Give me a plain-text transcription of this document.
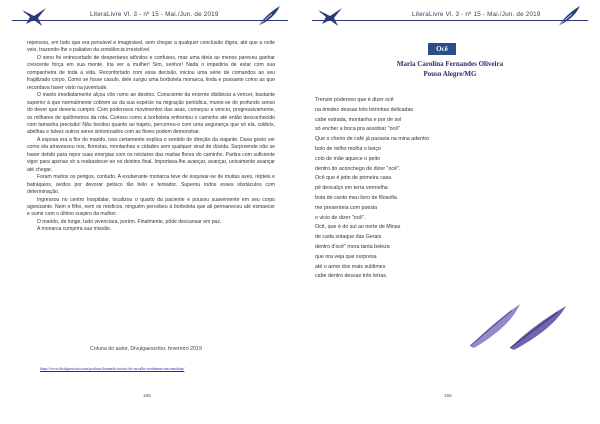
LiteraLivre Vl. 3 - nº 15 - Mai./Jun. de 2019

repensou, em tudo que era pensável e imaginável, sem chegar a qualquer conclusão digna, até que a noite veio, trazendo-lhe o paliativo da sonolência irresistível.

O sono foi entrecortado de despertares atônitos e confusos, mas uma ideia ao menos pareceu ganhar crescente força em sua mente. Iria ver a mulher! Sim, senhor! Nada o impediria de estar com sua companheira de toda a vida. Reconfortado com essa decisão, iniciou uma série de comandos ao seu fragilizado corpo. Como se fosse casulo, dele surgiu uma borboleta monarca, linda e possante como as que recordava haver visto na juventude.

O inseto imediatamente alçou vôo rumo ao destino. Consciente da enorme distância a vencer, bastante superior à que normalmente cobrem as da sua espécie na migração periódica, munio-se do profundo senso do dever que deveria cumprir. Com poderosos movimentos das asas, começou a vencer, progressivamente, os milhares de quilômetros da rota. Curioso como a borboleta enfrentou o caminho até então desconhecido com tamanha precisão! Não hesitou quanto ao trajeto, percorreu-o com uma segurança que só ela, colibris, abelhas e talvez outros seres sintonizados com as flores podem demonstrar.

A esposa era a flor do marido, isso certamente explica o sentido de direção da viajante. Dava gosto ver como ela atravessou rios, florestas, montanhas e cidades sem qualquer sinal de dúvida. Surpreende não se haver detido para repor suas energias com os néctares das muitas flores do caminho. Partira com suficiente vigor para apenas vir a reabastecer-se no destino final. Importava-lhe avançar, avançar, unicamente avançar até chegar.

Foram muitos os perigos, contudo. A exuberante monarca teve de esquivar-se de muitas aves, répteis e batráquios, ávidos por devorar petisco tão belo e tentador. Superou todos esses obstáculos com determinação.

Ingressou no centro hospitalar, localizou o quarto da paciente e pousou suavemente em seu corpo agonizante. Nem o filho, nem os médicos, ninguém percebeu à borboleta que ali permaneceu até esmaecer e sumir com o último suspiro da mulher.

O marido, de longe, tudo vivenciara, porém. Finalmente, pôde descansar em paz.

A monarca cumprira sua missão.

Coluna do autor, Divulgaescritor, fevereiro 2019
https://www.divulgaescritor.com/products/fernando-tacioto-de-carvalho-retalmente-uns-ensobuja/
165
LiteraLivre Vl. 3 - nº 15 - Mai./Jun. de 2019
Ocê
Maria Carolina Fernandes Oliveira
Pouso Alegre/MG
Trenzin poderoso que é dizer ocê
na timidez dessas três letrinhas delicadas
cabe estrada, montanha e por de sol
só encher a boca pra assobiar "ocê"
Que o cheiro de café já passeia na mina adentro
bolo de milho molha o beiço
colo de mãe aquece o peito
dentro do aconchego de dizer "ocê".
Ocê que é jetin de primeira casa
pé descalço em terra vermelha
bota de canto meu livro de filosofia
me presenteia com poesia
o vicio de dizer "ocê".
Ocê, que é do sul ao norte de Minas
de cada sotaque das Gerais
dentro d'ocê" mora tanta beleza
que ora veja que surpresa
até o amor dos mais sublimes
cabe dentro dessas três letras.
166
